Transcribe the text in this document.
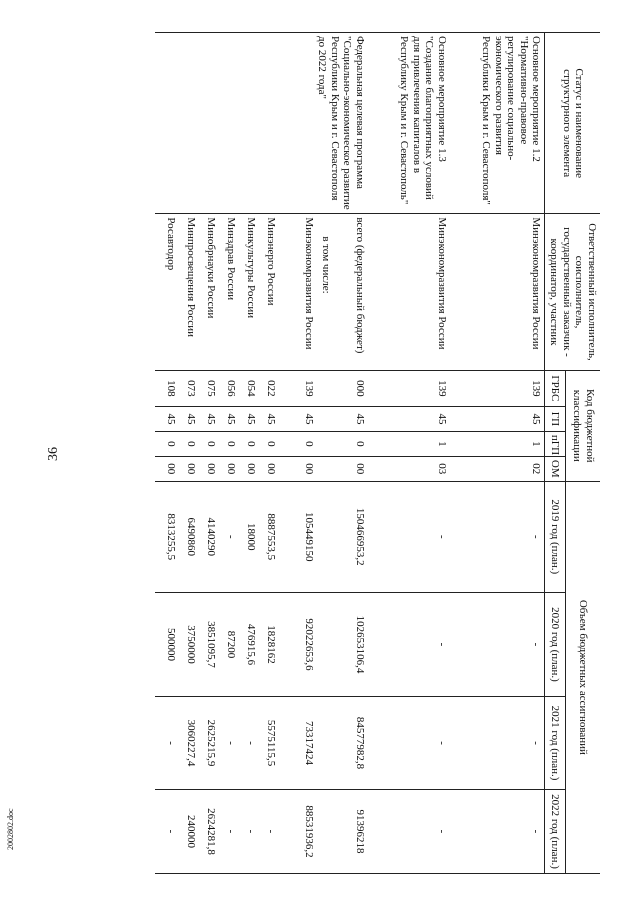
36
2002802.doc
Статус и наименование структурного элемента	Ответственный исполнитель, соисполнитель, государственный заказчик - координатор, участник	Код бюджетной классификации				Объем бюджетных ассигнований			
		ГРБС	ГП	пГП	ОМ	2019 год (план.)	2020 год (план.)	2021 год (план.)	2022 год (план.)
Основное мероприятие 1.2 "Нормативно-правовое регулирование социально-экономического развития Республики Крым и г. Севастополя"	Минэкономразвития России	139	45	1	02	-	-	-	-
Основное мероприятие 1.3 "Создание благоприятных условий для привлечения капиталов в Республику Крым и г. Севастополь"	Минэкономразвития России	139	45	1	03	-	-	-	-
Федеральная целевая программа "Социально-экономическое развитие Республики Крым и г. Севастополя до 2022 года"	всего (федеральный бюджет)	000	45	0	00	150466953,2	102653106,4	84577982,8	91396218
	в том числе:								
	Минэкономразвития России	139	45	0	00	105449150	92022653,6	73317424	88531936,2
	Минэнерго России	022	45	0	00	8887553,5	1828162	5575115,5	-
	Минкультуры России	054	45	0	00	18000	476915,6	-	-
	Минздрав России	056	45	0	00	-	87200	-	-
	Минобрнауки России	075	45	0	00	4140290	3851095,7	2625215,9	2624281,8
	Минпросвещения России	073	45	0	00	6490860	3750000	3060227,4	240000
	Росавтодор	108	45	0	00	8313255,5	500000	-	-
